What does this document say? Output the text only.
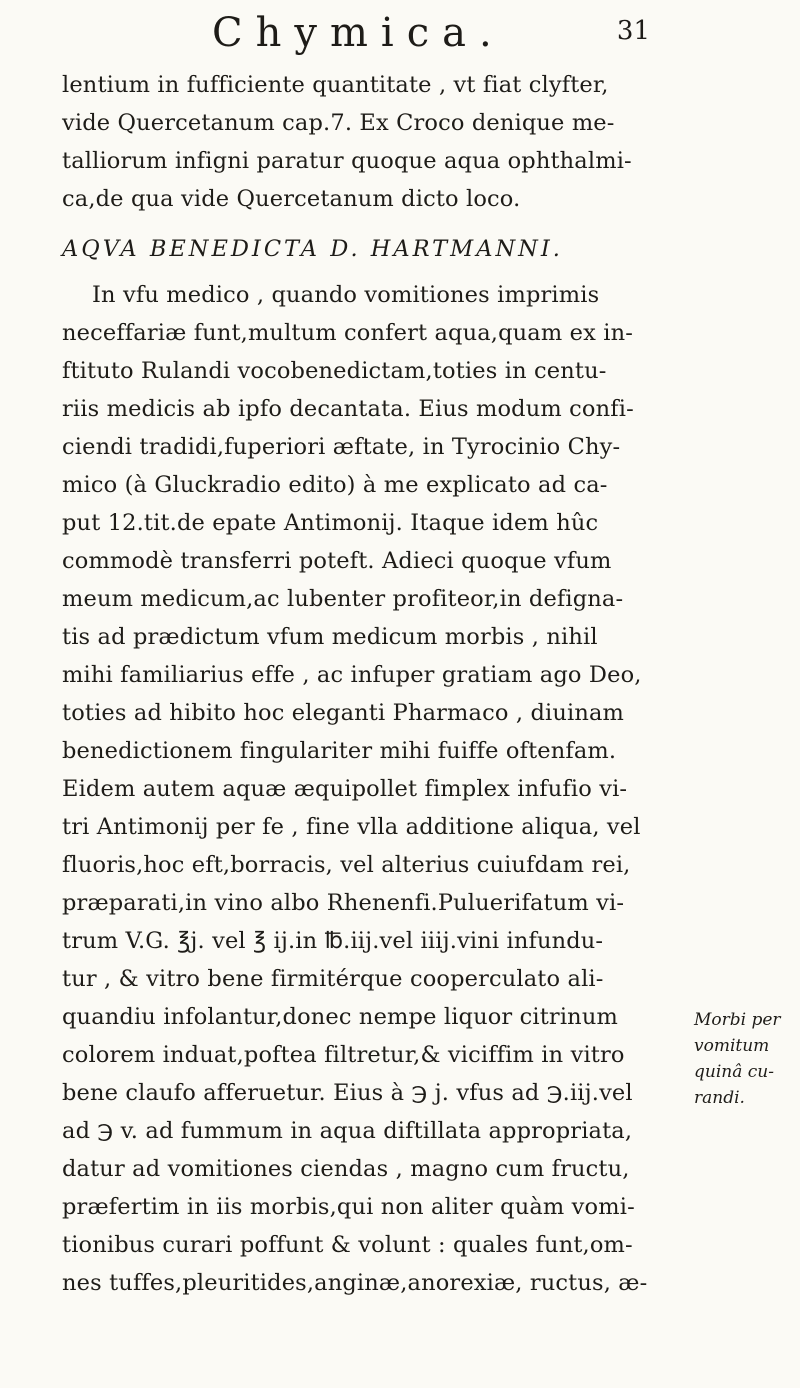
Chymica.	31
lentium in fufficiente quantitate , vt fiat clyfter,
vide Quercetanum cap.7. Ex Croco denique me-
talliorum infigni paratur quoque aqua ophthalmi-
ca,de qua vide Quercetanum dicto loco.
AQVA BENEDICTA D. HARTMANNI.
In vfu medico , quando vomitiones imprimis
neceffariæ funt,multum confert aqua,quam ex in-
ftituto Rulandi vocobenedictam,toties in centu-
riis medicis ab ipfo decantata. Eius modum confi-
ciendi tradidi,fuperiori æftate, in Tyrocinio Chy-
mico (à Gluckradio edito) à me explicato ad ca-
put 12.tit.de epate Antimonij. Itaque idem hûc
commodè transferri poteft. Adieci quoque vfum
meum medicum,ac lubenter profiteor,in defigna-
tis ad prædictum vfum medicum morbis , nihil
mihi familiarius effe , ac infuper gratiam ago Deo,
toties ad hibito hoc eleganti Pharmaco , diuinam
benedictionem fingulariter mihi fuiffe oftenfam.
Eidem autem aquæ æquipollet fimplex infufio vi-
tri Antimonij per fe , fine vlla additione aliqua, vel
fluoris,hoc eft,borracis, vel alterius cuiufdam rei,
præparati,in vino albo Rhenenfi.Puluerifatum vi-
trum V.G. ℥j. vel ℥ ij.in ℔.iij.vel iiij.vini infundu-
tur , & vitro bene firmitérque cooperculato ali-
quandiu infolantur,donec nempe liquor citrinum
colorem induat,poftea filtretur,& viciffim in vitro
bene claufo afferuetur. Eius à ℈ j. vfus ad ℈.iij.vel
ad ℈ v. ad fummum in aqua diftillata appropriata,
datur ad vomitiones ciendas , magno cum fructu,
præfertim in iis morbis,qui non aliter quàm vomi-
tionibus curari poffunt & volunt : quales funt,om-
nes tuffes,pleuritides,anginæ,anorexiæ, ructus, æ-
Morbi per
vomitum
quinâ cu-
randi.
